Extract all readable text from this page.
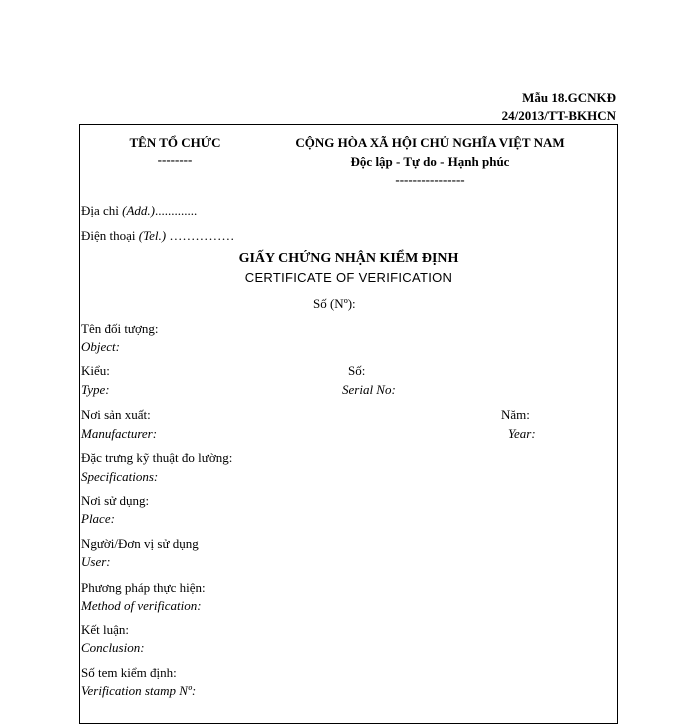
Mẫu 18.GCNKĐ
24/2013/TT-BKHCN
TÊN TỔ CHỨC
--------
CỘNG HÒA XÃ HỘI CHỦ NGHĨA VIỆT NAM
Độc lập - Tự do - Hạnh phúc
----------------
Địa chỉ (Add.).............
Điện thoại (Tel.) ……………
GIẤY CHỨNG NHẬN KIỂM ĐỊNH
CERTIFICATE OF VERIFICATION
Số (Nº):
Tên đối tượng:
Object:
Kiểu:
Type:
Số:
Serial No:
Nơi sản xuất:
Manufacturer:
Năm:
Year:
Đặc trưng kỹ thuật đo lường:
Specifications:
Nơi sử dụng:
Place:
Người/Đơn vị sử dụng
User:
Phương pháp thực hiện:
Method of verification:
Kết luận:
Conclusion:
Số tem kiểm định:
Verification stamp Nº:
